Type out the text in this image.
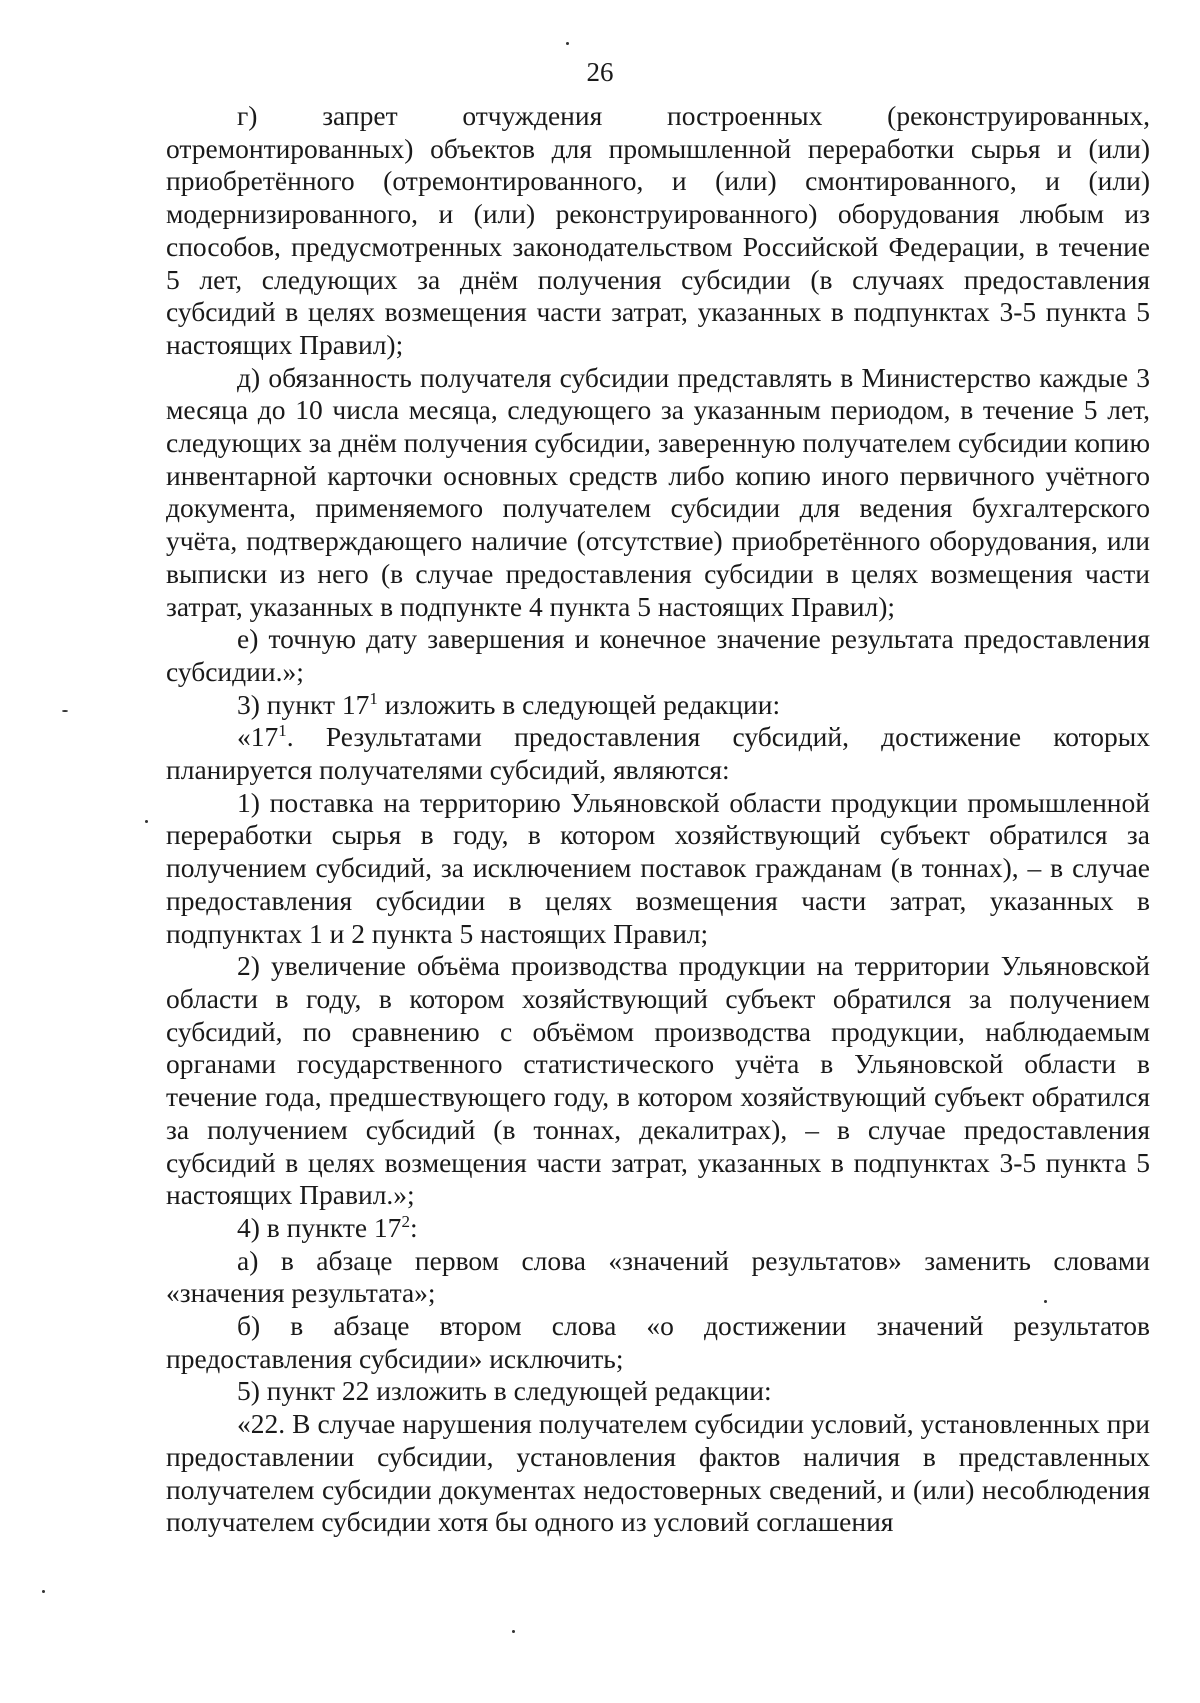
26

г) запрет отчуждения построенных (реконструированных, отремонтированных) объектов для промышленной переработки сырья и (или) приобретённого (отремонтированного, и (или) смонтированного, и (или) модернизированного, и (или) реконструированного) оборудования любым из способов, предусмотренных законодательством Российской Федерации, в течение 5 лет, следующих за днём получения субсидии (в случаях предоставления субсидий в целях возмещения части затрат, указанных в подпунктах 3-5 пункта 5 настоящих Правил);

д) обязанность получателя субсидии представлять в Министерство каждые 3 месяца до 10 числа месяца, следующего за указанным периодом, в течение 5 лет, следующих за днём получения субсидии, заверенную получателем субсидии копию инвентарной карточки основных средств либо копию иного первичного учётного документа, применяемого получателем субсидии для ведения бухгалтерского учёта, подтверждающего наличие (отсутствие) приобретённого оборудования, или выписки из него (в случае предоставления субсидии в целях возмещения части затрат, указанных в подпункте 4 пункта 5 настоящих Правил);

е) точную дату завершения и конечное значение результата предоставления субсидии.»;

3) пункт $17^1$ изложить в следующей редакции:

«$17^1$. Результатами предоставления субсидий, достижение которых планируется получателями субсидий, являются:

1) поставка на территорию Ульяновской области продукции промышленной переработки сырья в году, в котором хозяйствующий субъект обратился за получением субсидий, за исключением поставок гражданам (в тоннах), – в случае предоставления субсидии в целях возмещения части затрат, указанных в подпунктах 1 и 2 пункта 5 настоящих Правил;

2) увеличение объёма производства продукции на территории Ульяновской области в году, в котором хозяйствующий субъект обратился за получением субсидий, по сравнению с объёмом производства продукции, наблюдаемым органами государственного статистического учёта в Ульяновской области в течение года, предшествующего году, в котором хозяйствующий субъект обратился за получением субсидий (в тоннах, декалитрах), – в случае предоставления субсидий в целях возмещения части затрат, указанных в подпунктах 3-5 пункта 5 настоящих Правил.»;

4) в пункте $17^2$:

а) в абзаце первом слова «значений результатов» заменить словами «значения результата»;

б) в абзаце втором слова «о достижении значений результатов предоставления субсидии» исключить;

5) пункт 22 изложить в следующей редакции:

«22. В случае нарушения получателем субсидии условий, установленных при предоставлении субсидии, установления фактов наличия в представленных получателем субсидии документах недостоверных сведений, и (или) несоблюдения получателем субсидии хотя бы одного из условий соглашения
